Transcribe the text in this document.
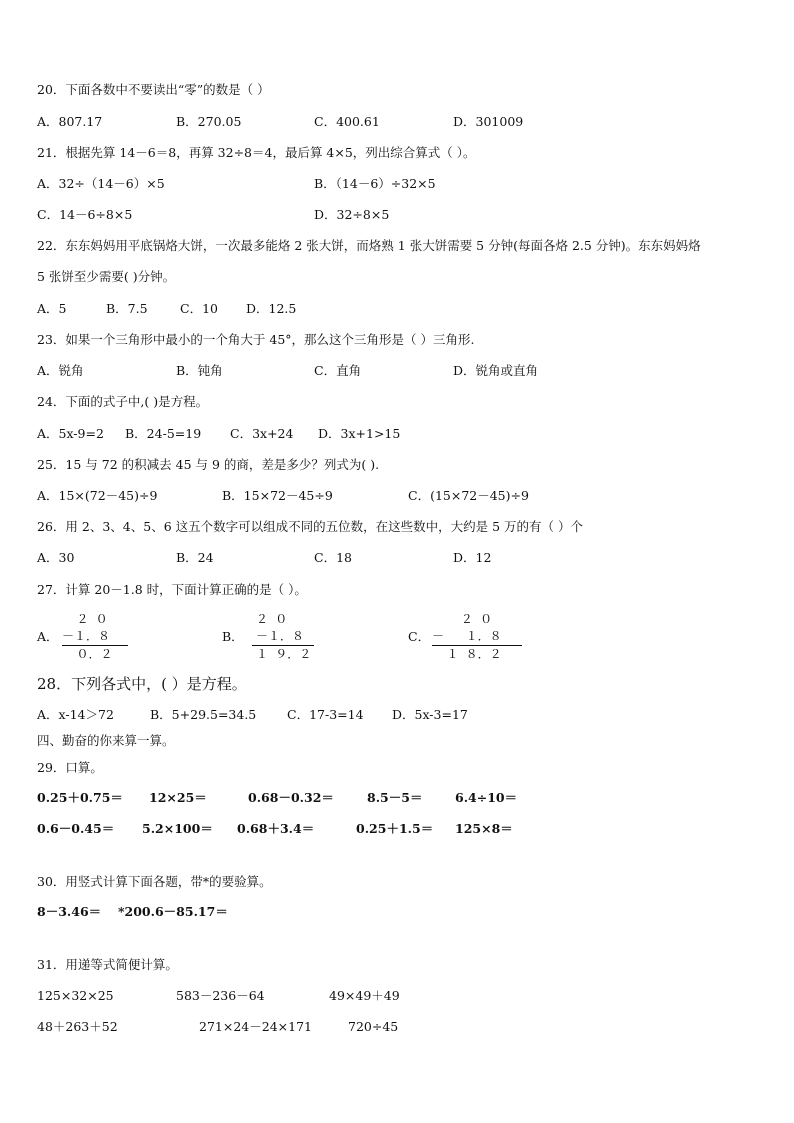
20．下面各数中不要读出“零”的数是（ ）
A．807.17	B．270.05	C．400.61	D．301009
21．根据先算 14－6＝8，再算 32÷8＝4，最后算 4×5，列出综合算式（ ）。
A．32÷（14－6）×5	B．（14－6）÷32×5
C．14－6÷8×5	D．32÷8×5
22．东东妈妈用平底锅烙大饼，一次最多能烙 2 张大饼，而烙熟 1 张大饼需要 5 分钟(每面各烙 2.5 分钟)。东东妈妈烙
5 张饼至少需要( )分钟。
A．5	B．7.5	C．10 D．12.5
23．如果一个三角形中最小的一个角大于 45°，那么这个三角形是（ ）三角形.
A．锐角	B．钝角	C．直角	D．锐角或直角
24．下面的式子中,( )是方程。
A．5x-9=2 B．24-5=19 C．3x+24 D．3x+1>15
25．15 与 72 的积减去 45 与 9 的商，差是多少？列式为( ).
A．15×(72－45)÷9	B．15×72－45÷9	C．(15×72－45)÷9
26．用 2、3、4、5、6 这五个数字可以组成不同的五位数，在这些数中，大约是 5 万的有（ ）个
A．30	B．24	C．18	D．12
27．计算 20－1.8 时，下面计算正确的是（ ）。
A．
２ ０
－１．８
０．２
B．
２ ０
－１．８
１ ９．２
C．
２ ０
－   １．８
１ ８．２
28．下列各式中，( ）是方程。
A．x-14＞72	B．5+29.5=34.5 C．17-3=14 D．5x-3=17
四、勤奋的你来算一算。
29．口算。
0.25＋0.75＝ 12×25＝	0.68－0.32＝	8.5－5＝	6.4÷10＝
0.6－0.45＝ 5.2×100＝ 0.68＋3.4＝	0.25＋1.5＝ 125×8＝
30．用竖式计算下面各题，带*的要验算。
8－3.46＝ *200.6－85.17＝
31．用递等式简便计算。
125×32×25	583－236－64	49×49＋49
48＋263＋52	271×24－24×171	720÷45
